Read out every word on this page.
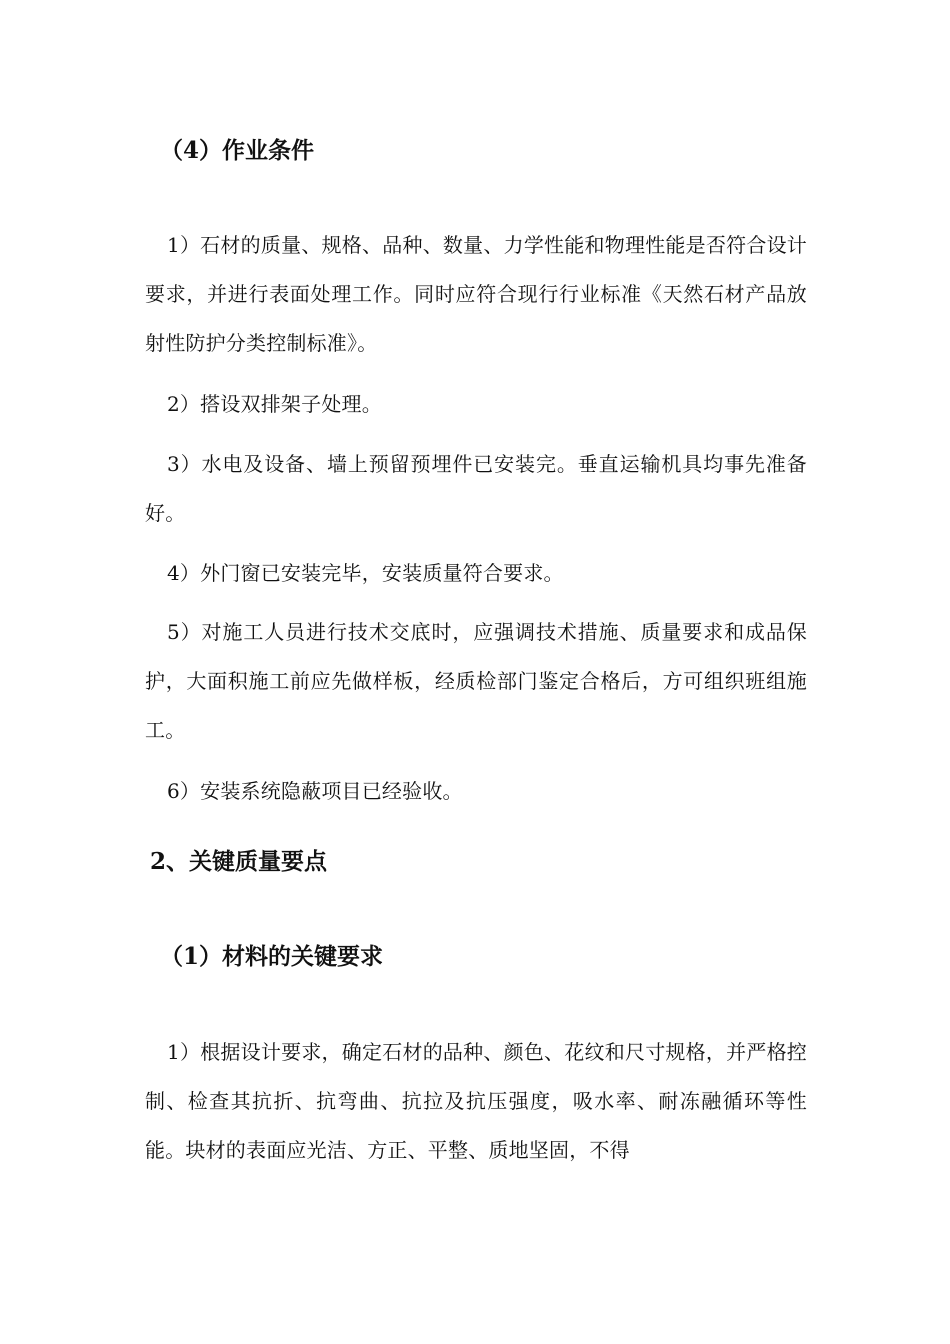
（4）作业条件
1）石材的质量、规格、品种、数量、力学性能和物理性能是否符合设计要求，并进行表面处理工作。同时应符合现行行业标准《天然石材产品放射性防护分类控制标准》。
2）搭设双排架子处理。
3）水电及设备、墙上预留预埋件已安装完。垂直运输机具均事先准备好。
4）外门窗已安装完毕，安装质量符合要求。
5）对施工人员进行技术交底时，应强调技术措施、质量要求和成品保护，大面积施工前应先做样板，经质检部门鉴定合格后，方可组织班组施工。
6）安装系统隐蔽项目已经验收。
2、关键质量要点
（1）材料的关键要求
1）根据设计要求，确定石材的品种、颜色、花纹和尺寸规格，并严格控制、检查其抗折、抗弯曲、抗拉及抗压强度，吸水率、耐冻融循环等性能。块材的表面应光洁、方正、平整、质地坚固，不得
